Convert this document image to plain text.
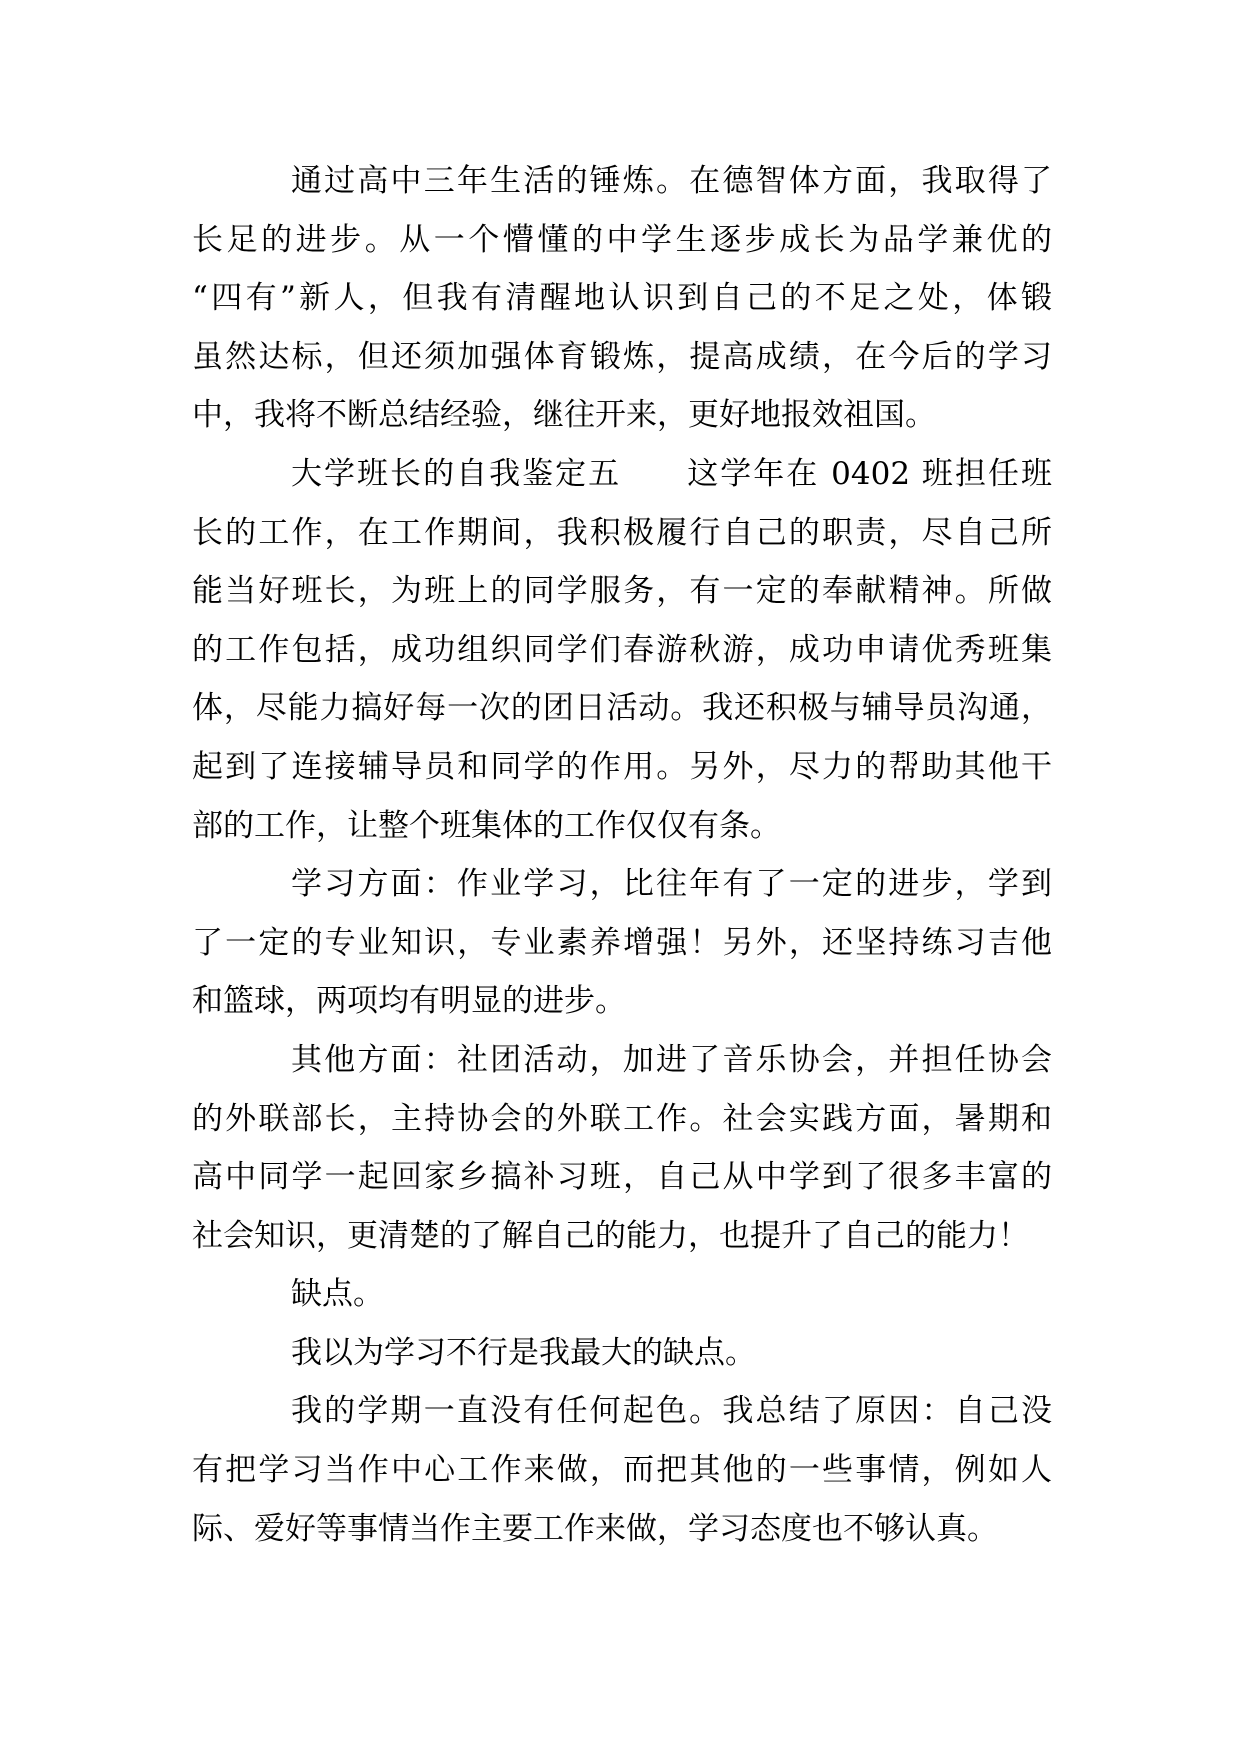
通过高中三年生活的锤炼。在德智体方面，我取得了
长足的进步。从一个懵懂的中学生逐步成长为品学兼优的
“四有”新人，但我有清醒地认识到自己的不足之处，体锻
虽然达标，但还须加强体育锻炼，提高成绩，在今后的学习
中，我将不断总结经验，继往开来，更好地报效祖国。
大学班长的自我鉴定五　　这学年在 0402 班担任班
长的工作，在工作期间，我积极履行自己的职责，尽自己所
能当好班长，为班上的同学服务，有一定的奉献精神。所做
的工作包括，成功组织同学们春游秋游，成功申请优秀班集
体，尽能力搞好每一次的团日活动。我还积极与辅导员沟通，
起到了连接辅导员和同学的作用。另外，尽力的帮助其他干
部的工作，让整个班集体的工作仅仅有条。
学习方面：作业学习，比往年有了一定的进步，学到
了一定的专业知识，专业素养增强！另外，还坚持练习吉他
和篮球，两项均有明显的进步。
其他方面：社团活动，加进了音乐协会，并担任协会
的外联部长，主持协会的外联工作。社会实践方面，暑期和
高中同学一起回家乡搞补习班，自己从中学到了很多丰富的
社会知识，更清楚的了解自己的能力，也提升了自己的能力！
缺点。
我以为学习不行是我最大的缺点。
我的学期一直没有任何起色。我总结了原因：自己没
有把学习当作中心工作来做，而把其他的一些事情，例如人
际、爱好等事情当作主要工作来做，学习态度也不够认真。
